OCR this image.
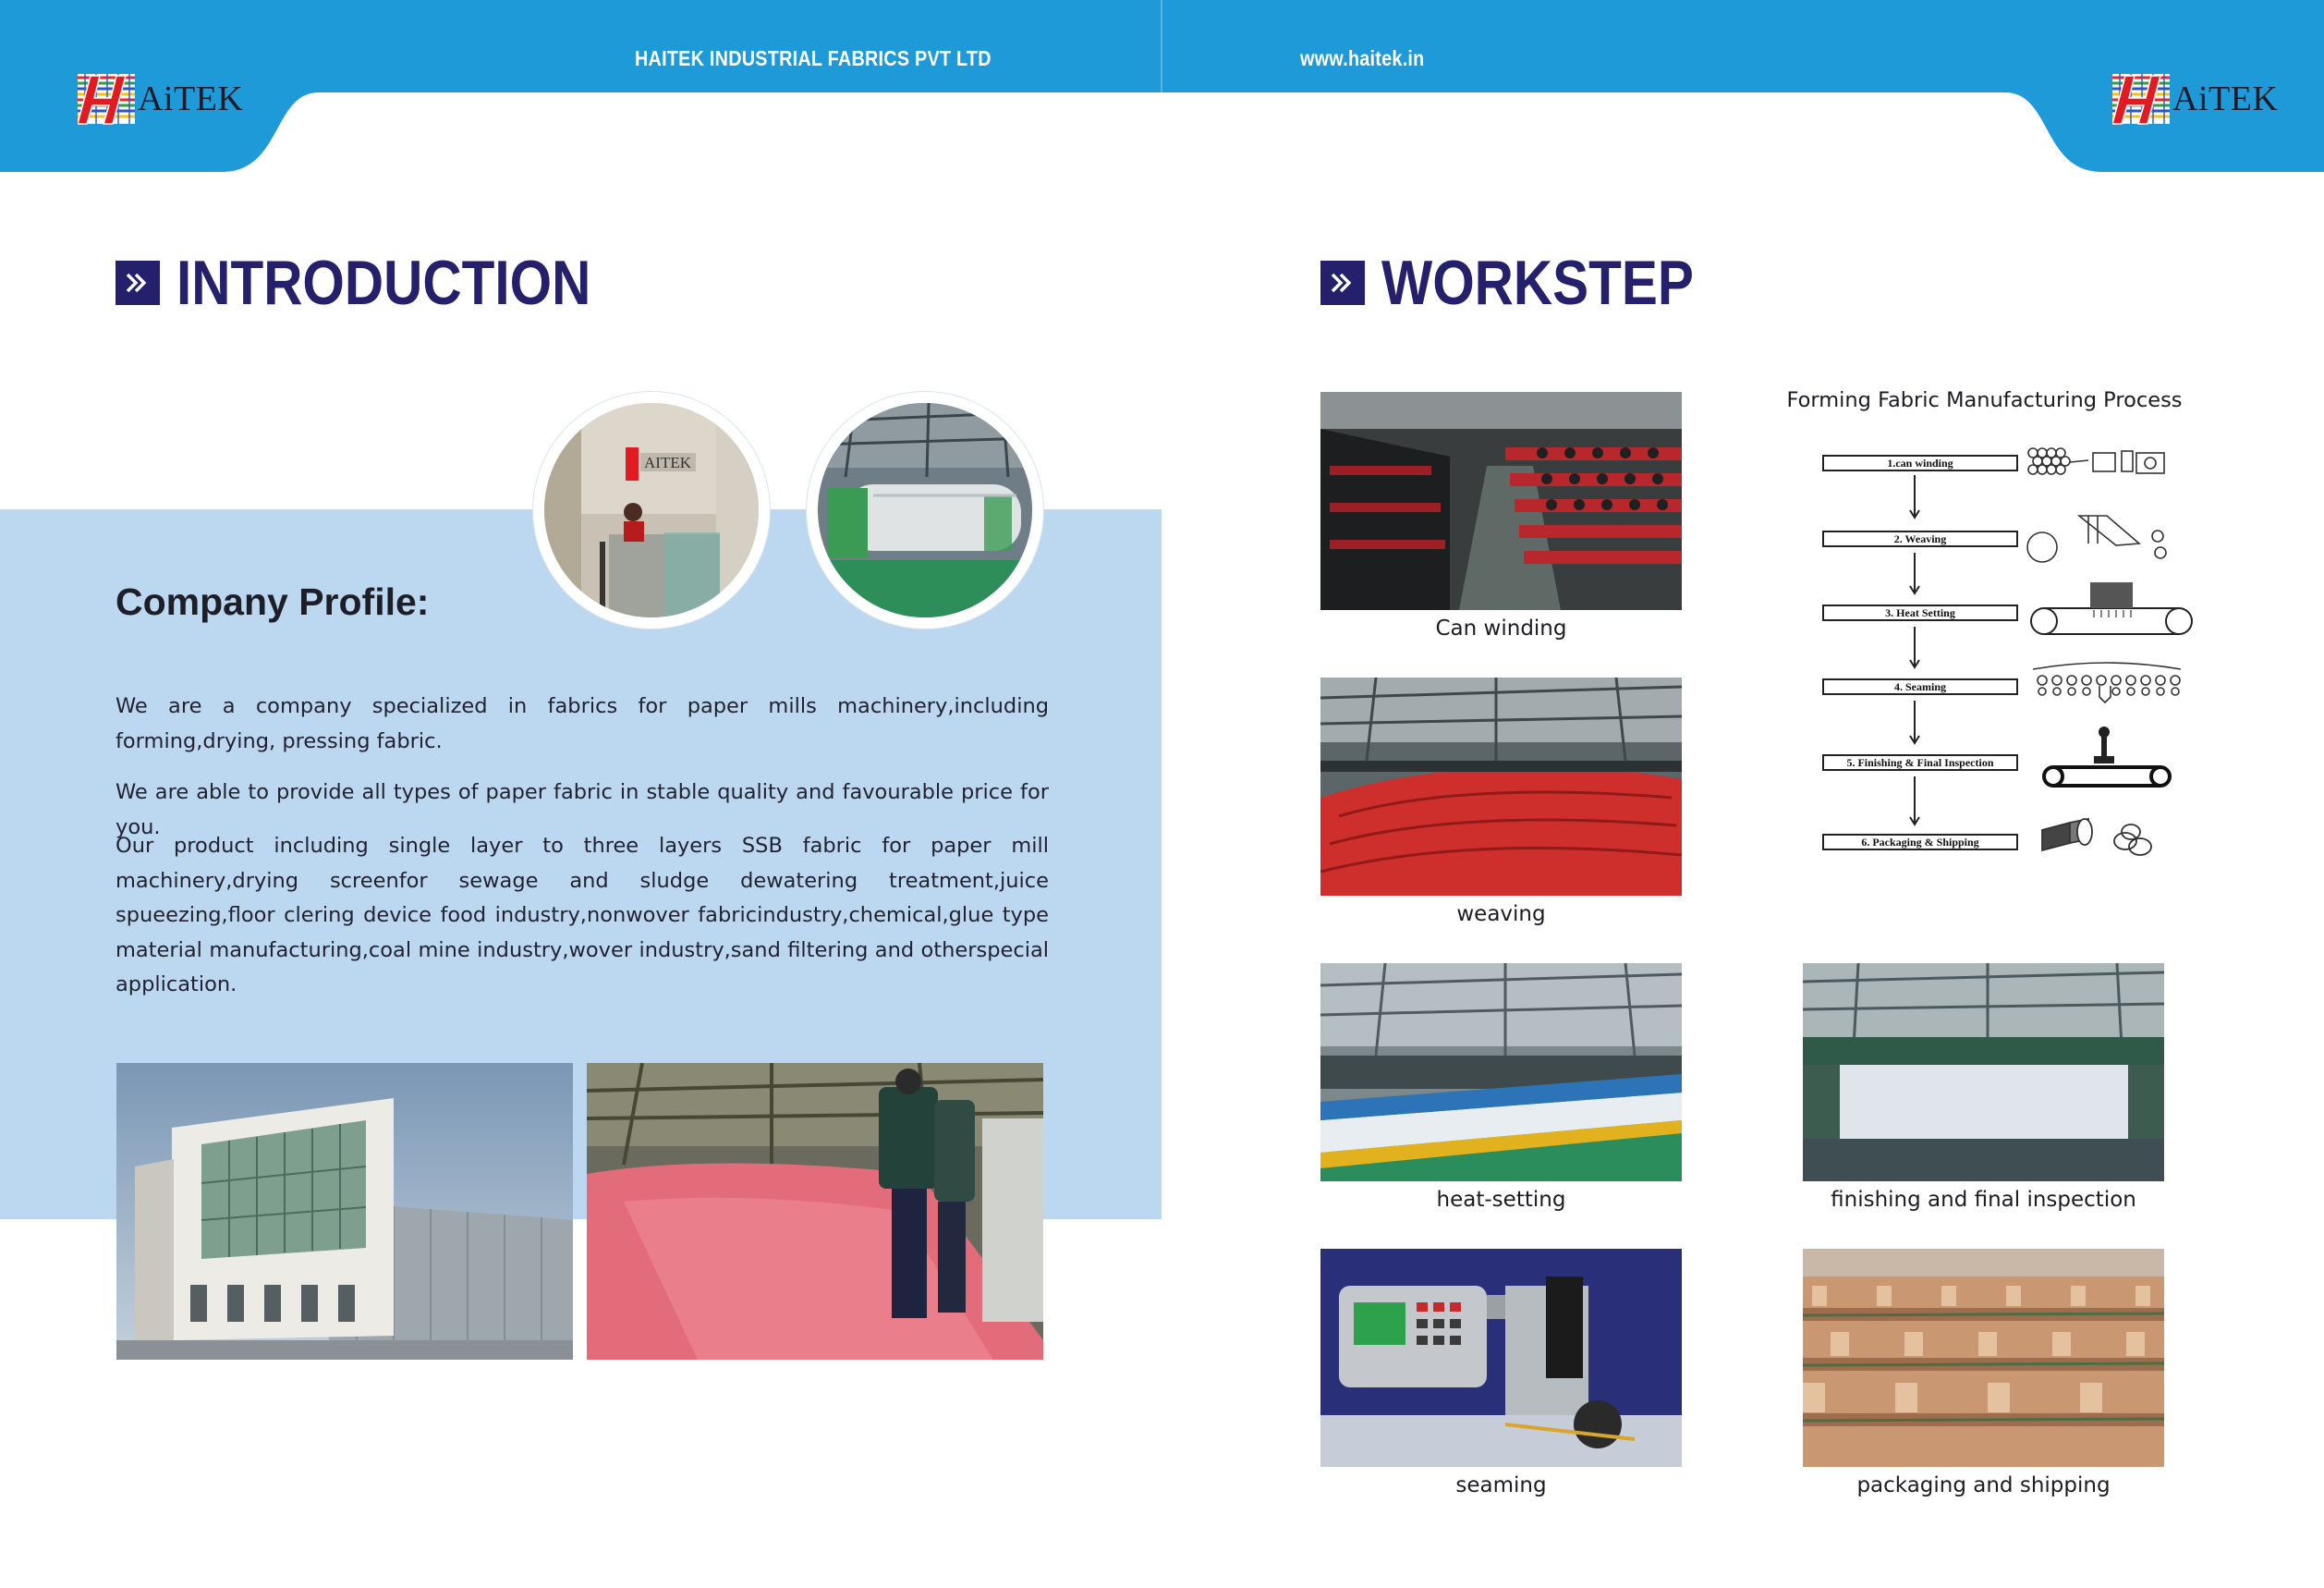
AiTEK	AiTEK
HAITEK INDUSTRIAL FABRICS PVT LTD	www.haitek.in
INTRODUCTION
AITEK
Company Profile:

We are a company specialized in fabrics for paper mills machinery,including forming,drying, pressing fabric.

We are able to provide all types of paper fabric in stable quality and favourable price for you.

Our product including single layer to three layers SSB fabric for paper mill machinery,drying screenfor sewage and sludge dewatering treatment,juice spueezing,floor clering device food industry,nonwover fabricindustry,chemical,glue type material manufacturing,coal mine industry,wover industry,sand filtering and otherspecial application.

WORKSTEP
Can winding
weaving
heat-setting	finishing and final inspection
seaming	packaging and shipping
Forming Fabric Manufacturing Process
1.can winding
2. Weaving
3. Heat Setting
4. Seaming
5. Finishing & Final Inspection
6. Packaging & Shipping
